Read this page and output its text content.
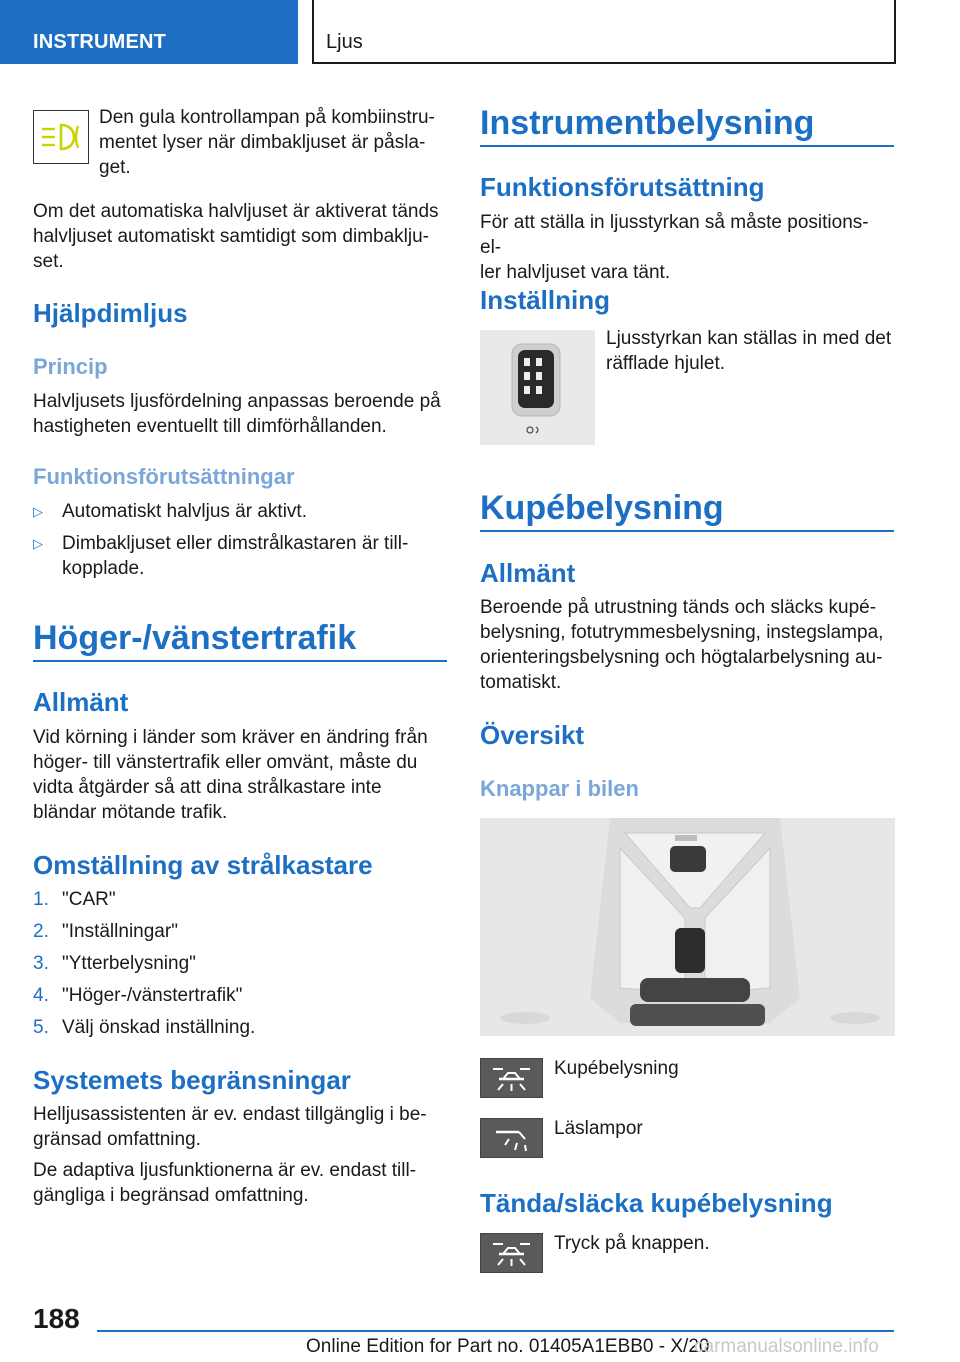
INSTRUMENT	Ljus
Den gula kontrollampan på kombiinstru-
mentet lyser när dimbakljuset är påsla-
get.
Om det automatiska halvljuset är aktiverat tänds halvljuset automatiskt samtidigt som dimbaklju-
set.
Hjälpdimljus
Princip
Halvljusets ljusfördelning anpassas beroende på hastigheten eventuellt till dimförhållanden.
Funktionsförutsättningar
▷ Automatiskt halvljus är aktivt.
▷ Dimbakljuset eller dimstrålkastaren är till-
kopplade.
Höger-/vänstertrafik
Allmänt
Vid körning i länder som kräver en ändring från höger- till vänstertrafik eller omvänt, måste du vidta åtgärder så att dina strålkastare inte bländar mötande trafik.
Omställning av strålkastare
1. "CAR"
2. "Inställningar"
3. "Ytterbelysning"
4. "Höger-/vänstertrafik"
5. Välj önskad inställning.
Systemets begränsningar
Helljusassistenten är ev. endast tillgänglig i be-
gränsad omfattning.
De adaptiva ljusfunktionerna är ev. endast till-
gängliga i begränsad omfattning.
Instrumentbelysning
Funktionsförutsättning
För att ställa in ljusstyrkan så måste positions- el-
ler halvljuset vara tänt.
Inställning
Ljusstyrkan kan ställas in med det räfflade hjulet.
Kupébelysning
Allmänt
Beroende på utrustning tänds och släcks kupé-
belysning, fotutrymmesbelysning, instegslampa, orienteringsbelysning och högtalarbelysning au-
tomatiskt.
Översikt
Knappar i bilen
Kupébelysning
Läslampor
Tända/släcka kupébelysning
Tryck på knappen.
188
Online Edition for Part no. 01405A1EBB0 - X/20
carmanualsonline.info
